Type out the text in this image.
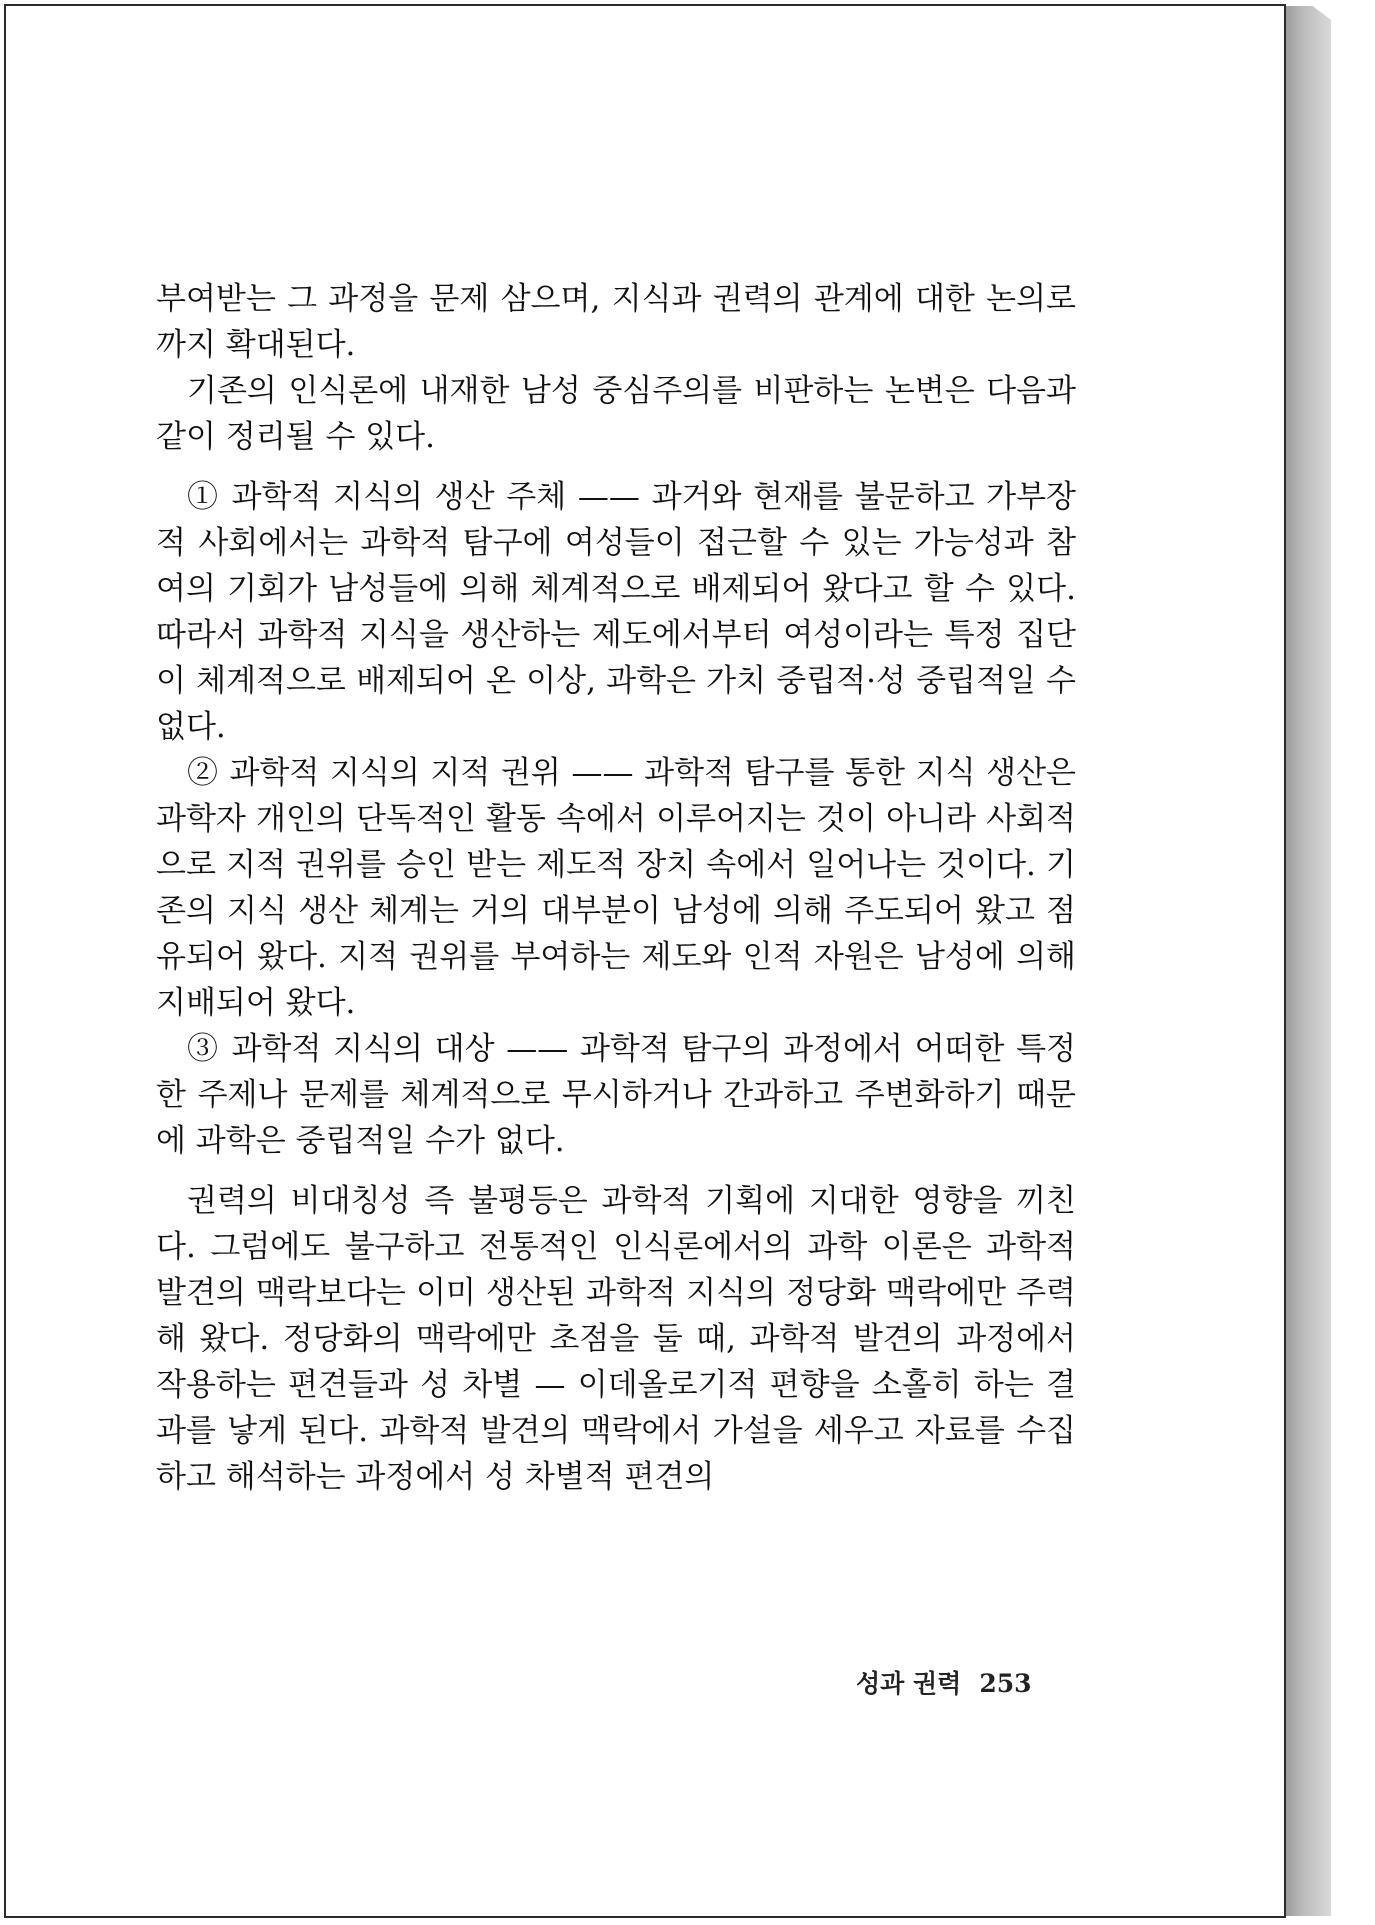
부여받는 그 과정을 문제 삼으며, 지식과 권력의 관계에 대한 논의로까지 확대된다.

기존의 인식론에 내재한 남성 중심주의를 비판하는 논변은 다음과 같이 정리될 수 있다.

① 과학적 지식의 생산 주체 —— 과거와 현재를 불문하고 가부장적 사회에서는 과학적 탐구에 여성들이 접근할 수 있는 가능성과 참여의 기회가 남성들에 의해 체계적으로 배제되어 왔다고 할 수 있다. 따라서 과학적 지식을 생산하는 제도에서부터 여성이라는 특정 집단이 체계적으로 배제되어 온 이상, 과학은 가치 중립적·성 중립적일 수 없다.

② 과학적 지식의 지적 권위 —— 과학적 탐구를 통한 지식 생산은 과학자 개인의 단독적인 활동 속에서 이루어지는 것이 아니라 사회적으로 지적 권위를 승인 받는 제도적 장치 속에서 일어나는 것이다. 기존의 지식 생산 체계는 거의 대부분이 남성에 의해 주도되어 왔고 점유되어 왔다. 지적 권위를 부여하는 제도와 인적 자원은 남성에 의해 지배되어 왔다.

③ 과학적 지식의 대상 —— 과학적 탐구의 과정에서 어떠한 특정한 주제나 문제를 체계적으로 무시하거나 간과하고 주변화하기 때문에 과학은 중립적일 수가 없다.

권력의 비대칭성 즉 불평등은 과학적 기획에 지대한 영향을 끼친다. 그럼에도 불구하고 전통적인 인식론에서의 과학 이론은 과학적 발견의 맥락보다는 이미 생산된 과학적 지식의 정당화 맥락에만 주력해 왔다. 정당화의 맥락에만 초점을 둘 때, 과학적 발견의 과정에서 작용하는 편견들과 성 차별 — 이데올로기적 편향을 소홀히 하는 결과를 낳게 된다. 과학적 발견의 맥락에서 가설을 세우고 자료를 수집하고 해석하는 과정에서 성 차별적 편견의

성과 권력 253
